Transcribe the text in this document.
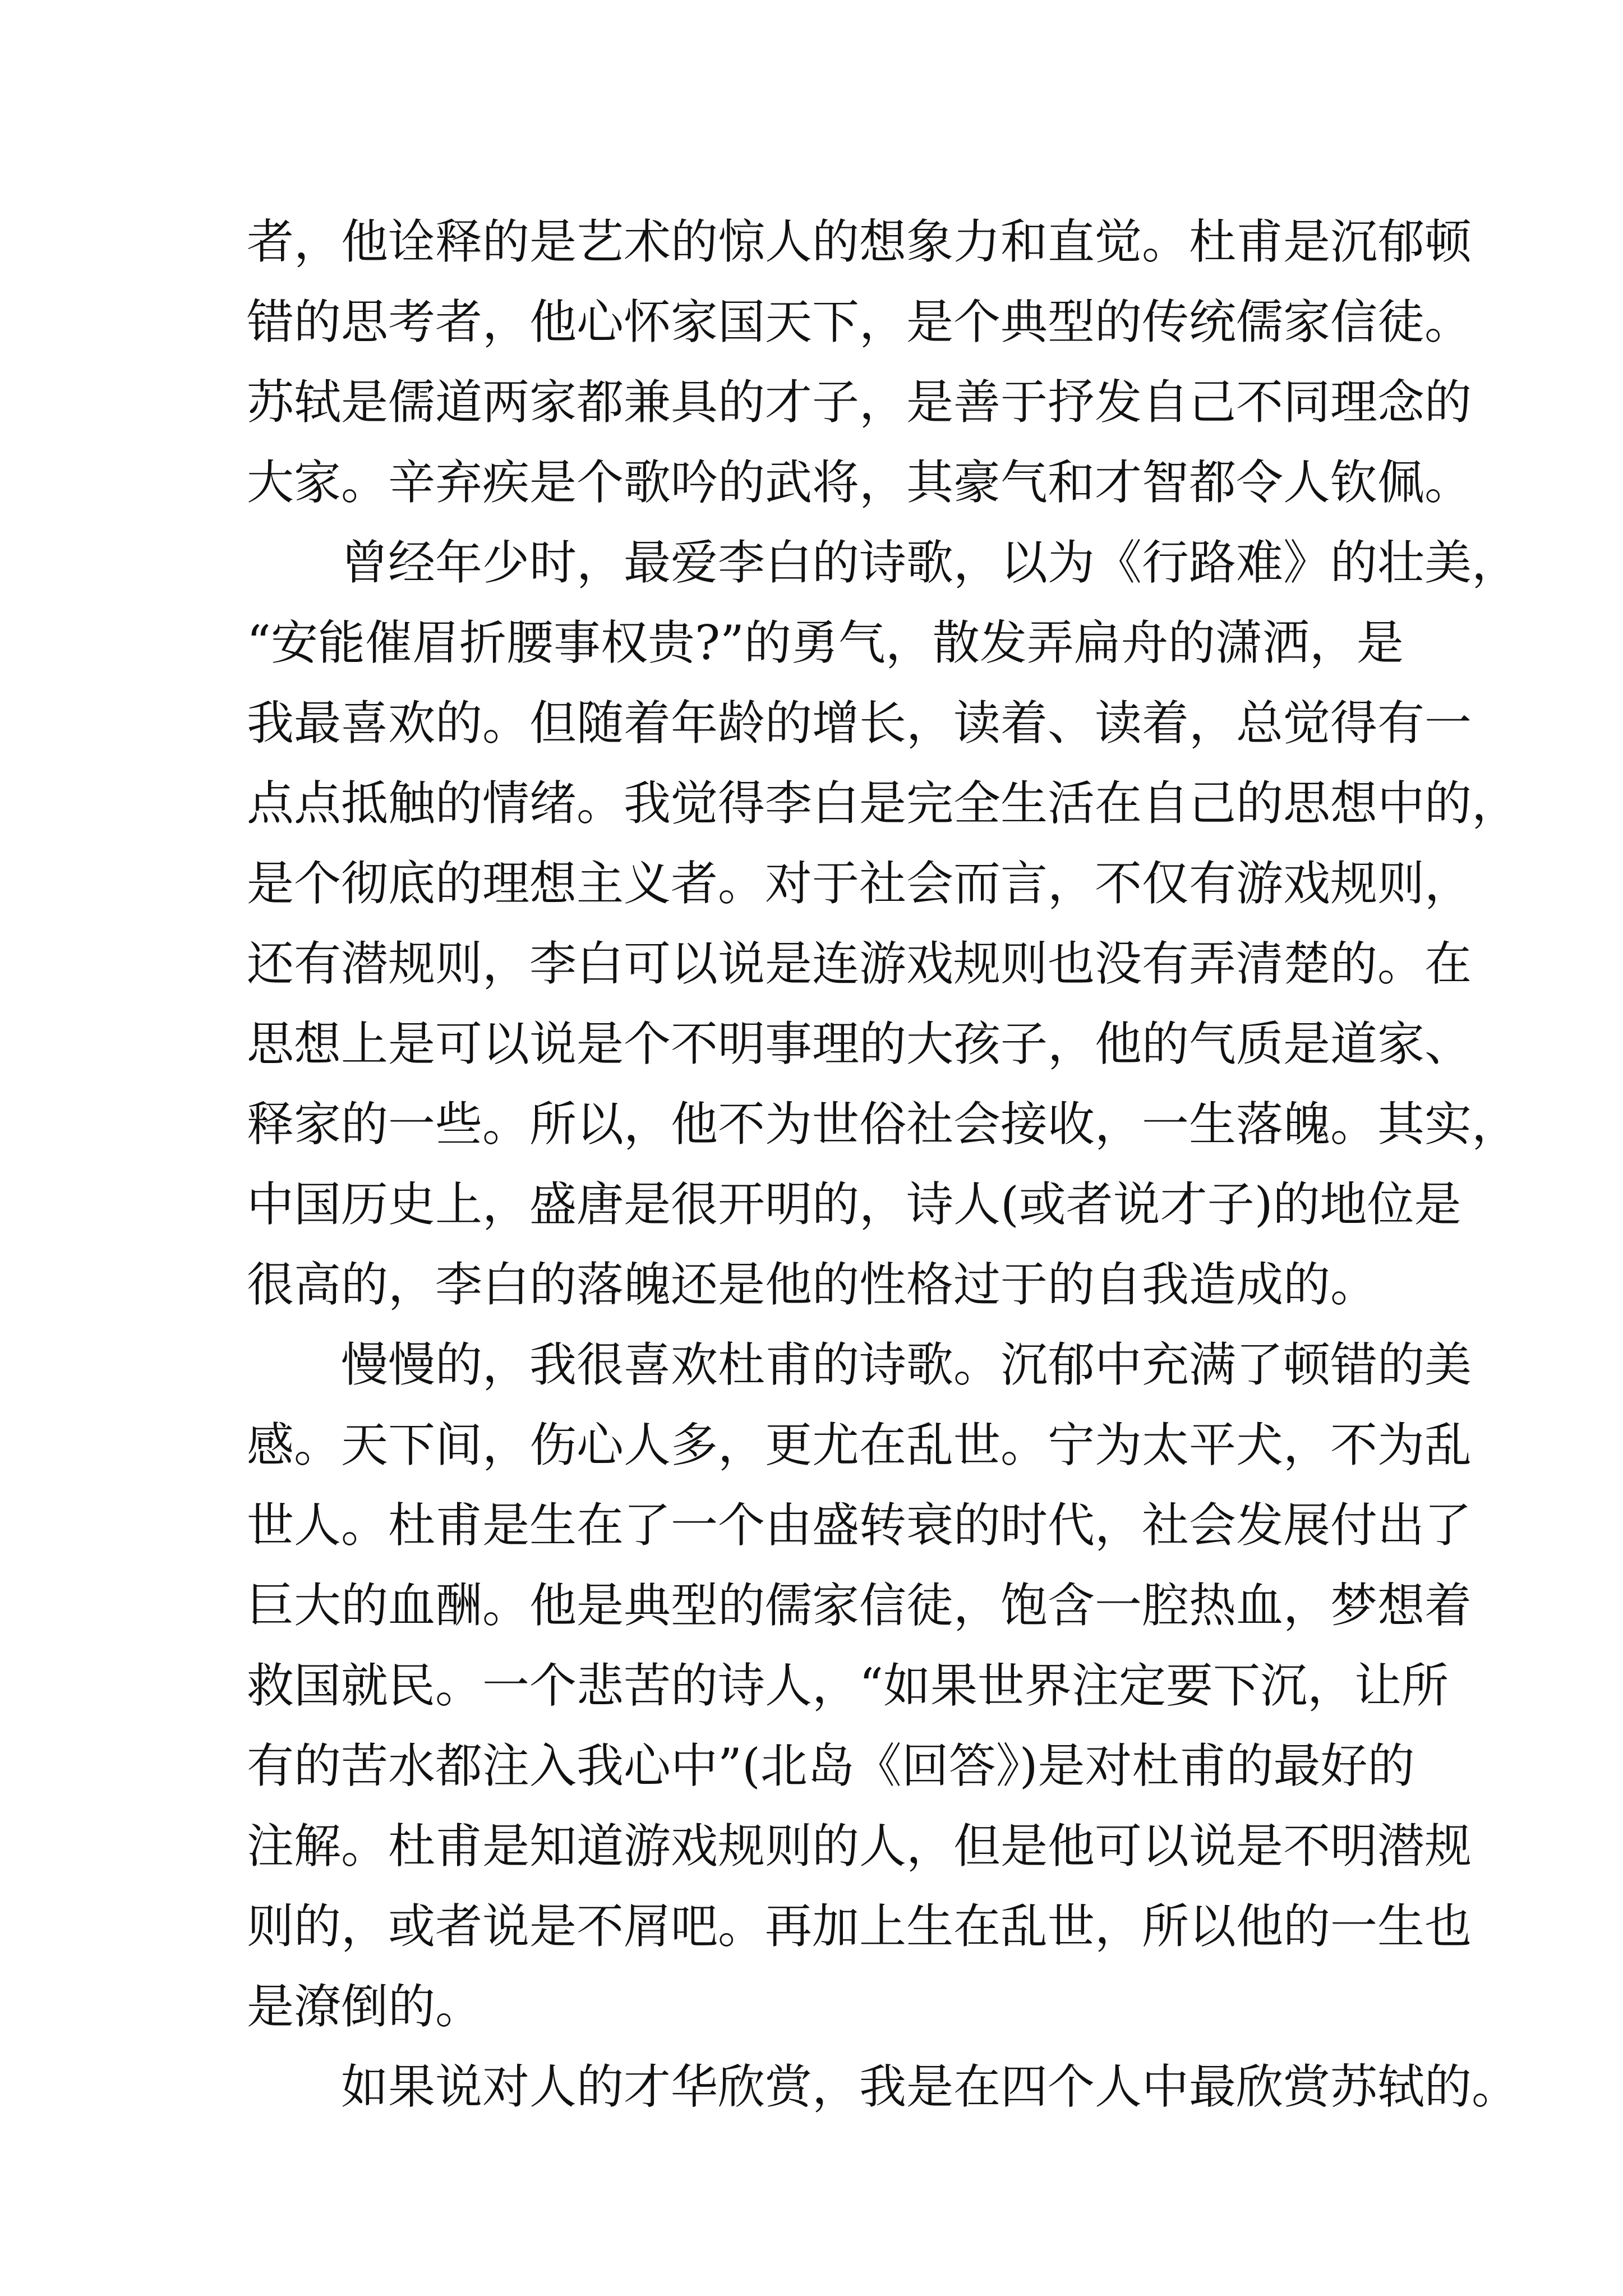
者，他诠释的是艺术的惊人的想象力和直觉。杜甫是沉郁顿
错的思考者，他心怀家国天下，是个典型的传统儒家信徒。
苏轼是儒道两家都兼具的才子，是善于抒发自己不同理念的
大家。辛弃疾是个歌吟的武将，其豪气和才智都令人钦佩。
　　曾经年少时，最爱李白的诗歌，以为《行路难》的壮美，
“安能催眉折腰事权贵?”的勇气，散发弄扁舟的潇洒，是
我最喜欢的。但随着年龄的增长，读着、读着，总觉得有一
点点抵触的情绪。我觉得李白是完全生活在自己的思想中的，
是个彻底的理想主义者。对于社会而言，不仅有游戏规则，
还有潜规则，李白可以说是连游戏规则也没有弄清楚的。在
思想上是可以说是个不明事理的大孩子，他的气质是道家、
释家的一些。所以，他不为世俗社会接收，一生落魄。其实，
中国历史上，盛唐是很开明的，诗人(或者说才子)的地位是
很高的，李白的落魄还是他的性格过于的自我造成的。
　　慢慢的，我很喜欢杜甫的诗歌。沉郁中充满了顿错的美
感。天下间，伤心人多，更尤在乱世。宁为太平犬，不为乱
世人。杜甫是生在了一个由盛转衰的时代，社会发展付出了
巨大的血酬。他是典型的儒家信徒，饱含一腔热血，梦想着
救国就民。一个悲苦的诗人，“如果世界注定要下沉，让所
有的苦水都注入我心中”(北岛《回答》)是对杜甫的最好的
注解。杜甫是知道游戏规则的人，但是他可以说是不明潜规
则的，或者说是不屑吧。再加上生在乱世，所以他的一生也
是潦倒的。
　　如果说对人的才华欣赏，我是在四个人中最欣赏苏轼的。
